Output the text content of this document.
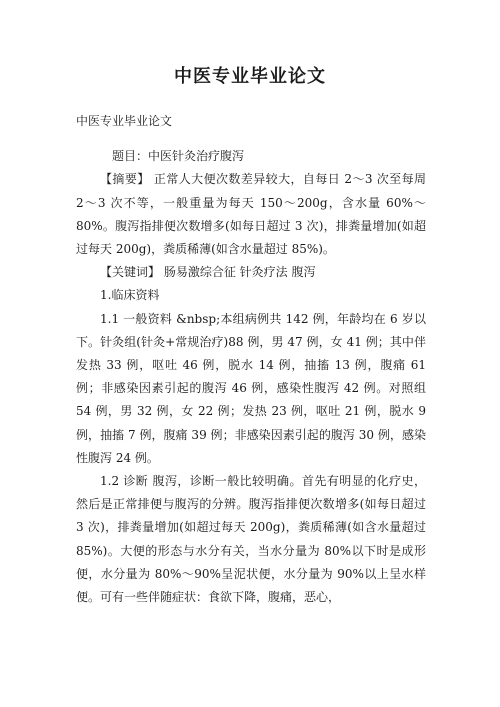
中医专业毕业论文

中医专业毕业论文

题目：中医针灸治疗腹泻

【摘要】 正常人大便次数差异较大，自每日 2～3 次至每周 2～3 次不等，一般重量为每天 150～200g，含水量 60%～80%。腹泻指排便次数增多(如每日超过 3 次)，排粪量增加(如超过每天 200g)，粪质稀薄(如含水量超过 85%)。

【关键词】 肠易激综合征 针灸疗法 腹泻

1.临床资料

1.1 一般资料 &nbsp;本组病例共 142 例，年龄均在 6 岁以下。针灸组(针灸+常规治疗)88 例，男 47 例，女 41 例；其中伴发热 33 例，呕吐 46 例，脱水 14 例，抽搐 13 例，腹痛 61 例；非感染因素引起的腹泻 46 例，感染性腹泻 42 例。对照组 54 例，男 32 例，女 22 例；发热 23 例，呕吐 21 例，脱水 9 例，抽搐 7 例，腹痛 39 例；非感染因素引起的腹泻 30 例，感染性腹泻 24 例。

1.2 诊断 腹泻，诊断一般比较明确。首先有明显的化疗史，然后是正常排便与腹泻的分辨。腹泻指排便次数增多(如每日超过 3 次)，排粪量增加(如超过每天 200g)，粪质稀薄(如含水量超过 85%)。大便的形态与水分有关，当水分量为 80%以下时是成形便，水分量为 80%～90%呈泥状便，水分量为 90%以上呈水样便。可有一些伴随症状：食欲下降，腹痛，恶心，
